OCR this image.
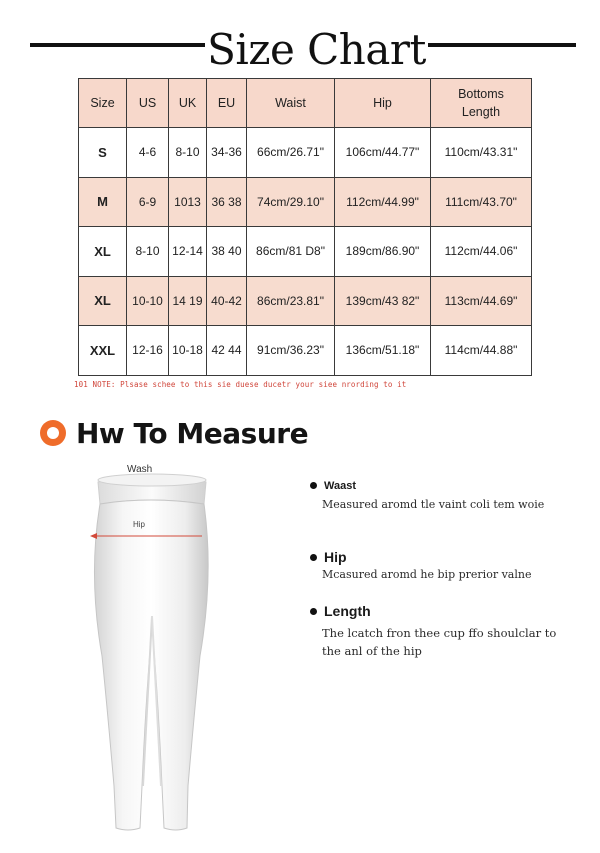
Size Chart
Size	US	UK	EU	Waist	Hip	Bottoms
Length
S	4-6	8-10	34-36	66cm/26.71"	106cm/44.77"	110cm/43.31"
M	6-9	1013	36 38	74cm/29.10"	112cm/44.99"	111cm/43.70"
XL	8-10	12-14	38 40	86cm/81 D8"	189cm/86.90"	112cm/44.06"
XL	10-10	14 19	40-42	86cm/23.81"	139cm/43 82"	113cm/44.69"
XXL	12-16	10-18	42 44	91cm/36.23"	136cm/51.18"	114cm/44.88"
101 NOTE: Plsase schee to this sie duese ducetr your siee nrording to it
Hw To Measure
Wash
Hip
Waast
Measured aromd tle vaint coli tem woie
Hip
Mcasured aromd he bip prerior valne
Length
The lcatch fron thee cup ffo shoulclar to
the anl of the hip
